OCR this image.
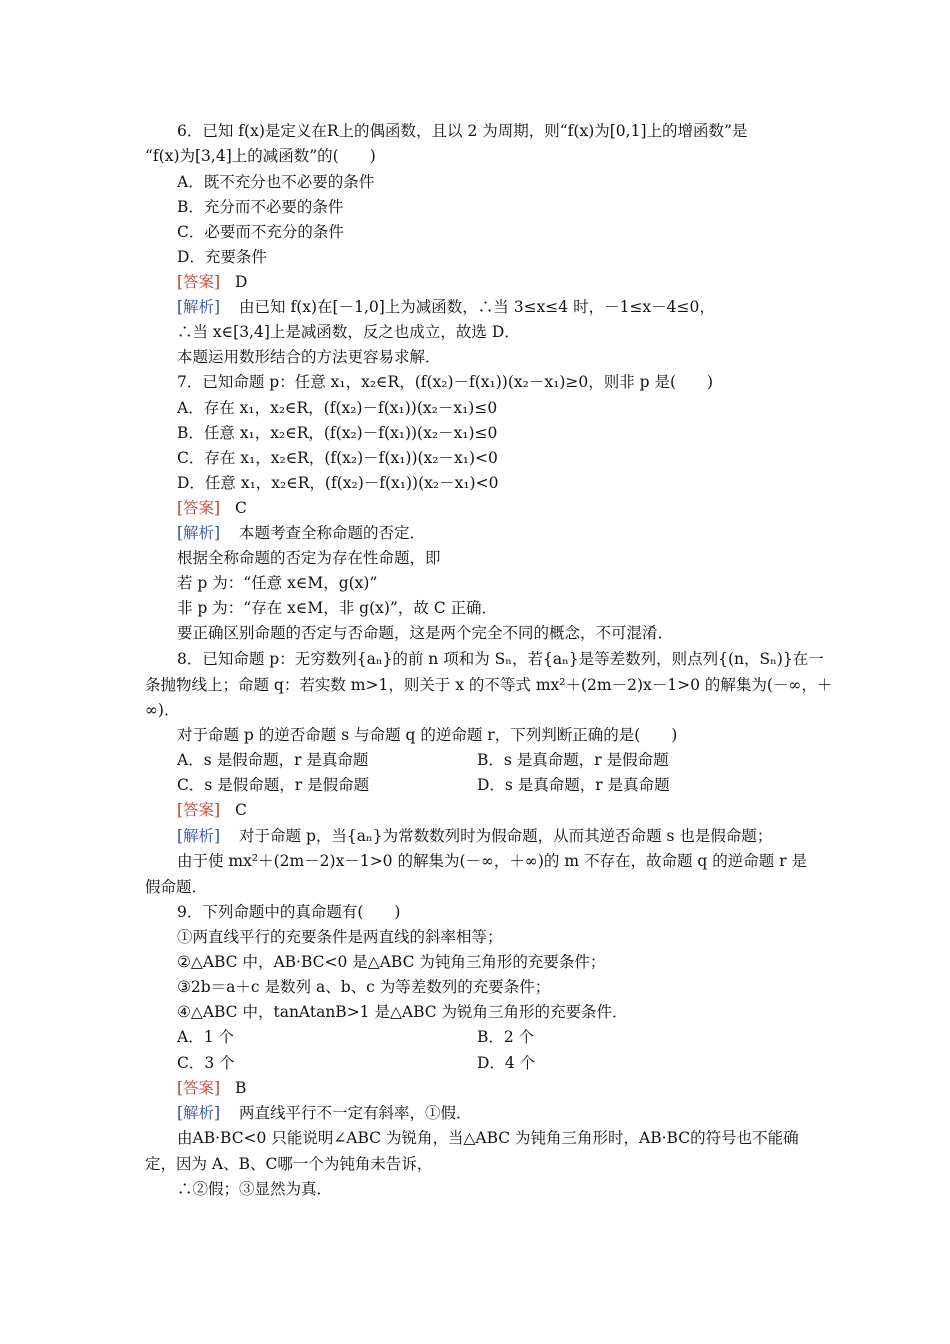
6．已知 f(x)是定义在R上的偶函数，且以 2 为周期，则“f(x)为[0,1]上的增函数”是
“f(x)为[3,4]上的减函数”的(　　)
A．既不充分也不必要的条件
B．充分而不必要的条件
C．必要而不充分的条件
D．充要条件
[答案] D
[解析] 由已知 f(x)在[－1,0]上为减函数，∴当 3≤x≤4 时，－1≤x－4≤0，
∴当 x∈[3,4]上是减函数，反之也成立，故选 D．
本题运用数形结合的方法更容易求解．
7．已知命题 p：任意 x₁，x₂∈R，(f(x₂)－f(x₁))(x₂－x₁)≥0，则非 p 是(　　)
A．存在 x₁，x₂∈R，(f(x₂)－f(x₁))(x₂－x₁)≤0
B．任意 x₁，x₂∈R，(f(x₂)－f(x₁))(x₂－x₁)≤0
C．存在 x₁，x₂∈R，(f(x₂)－f(x₁))(x₂－x₁)<0
D．任意 x₁，x₂∈R，(f(x₂)－f(x₁))(x₂－x₁)<0
[答案] C
[解析] 本题考查全称命题的否定．
根据全称命题的否定为存在性命题，即
若 p 为：“任意 x∈M，g(x)”
非 p 为：“存在 x∈M，非 g(x)”，故 C 正确．
要正确区别命题的否定与否命题，这是两个完全不同的概念，不可混淆．
8．已知命题 p：无穷数列{aₙ}的前 n 项和为 Sₙ，若{aₙ}是等差数列，则点列{(n，Sₙ)}在一
条抛物线上；命题 q：若实数 m>1，则关于 x 的不等式 mx²＋(2m－2)x－1>0 的解集为(－∞，＋
∞)．
对于命题 p 的逆否命题 s 与命题 q 的逆命题 r，下列判断正确的是(　　)
A．s 是假命题，r 是真命题	B．s 是真命题，r 是假命题
C．s 是假命题，r 是假命题	D．s 是真命题，r 是真命题
[答案] C
[解析] 对于命题 p，当{aₙ}为常数数列时为假命题，从而其逆否命题 s 也是假命题；
由于使 mx²＋(2m－2)x－1>0 的解集为(－∞，＋∞)的 m 不存在，故命题 q 的逆命题 r 是
假命题．
9．下列命题中的真命题有(　　)
①两直线平行的充要条件是两直线的斜率相等；
②△ABC 中，AB·BC<0 是△ABC 为钝角三角形的充要条件；
③2b＝a＋c 是数列 a、b、c 为等差数列的充要条件；
④△ABC 中，tanAtanB>1 是△ABC 为锐角三角形的充要条件．
A．1 个	B．2 个
C．3 个	D．4 个
[答案] B
[解析] 两直线平行不一定有斜率，①假．
由AB·BC<0 只能说明∠ABC 为锐角，当△ABC 为钝角三角形时，AB·BC的符号也不能确
定，因为 A、B、C哪一个为钝角未告诉，
∴②假；③显然为真．
